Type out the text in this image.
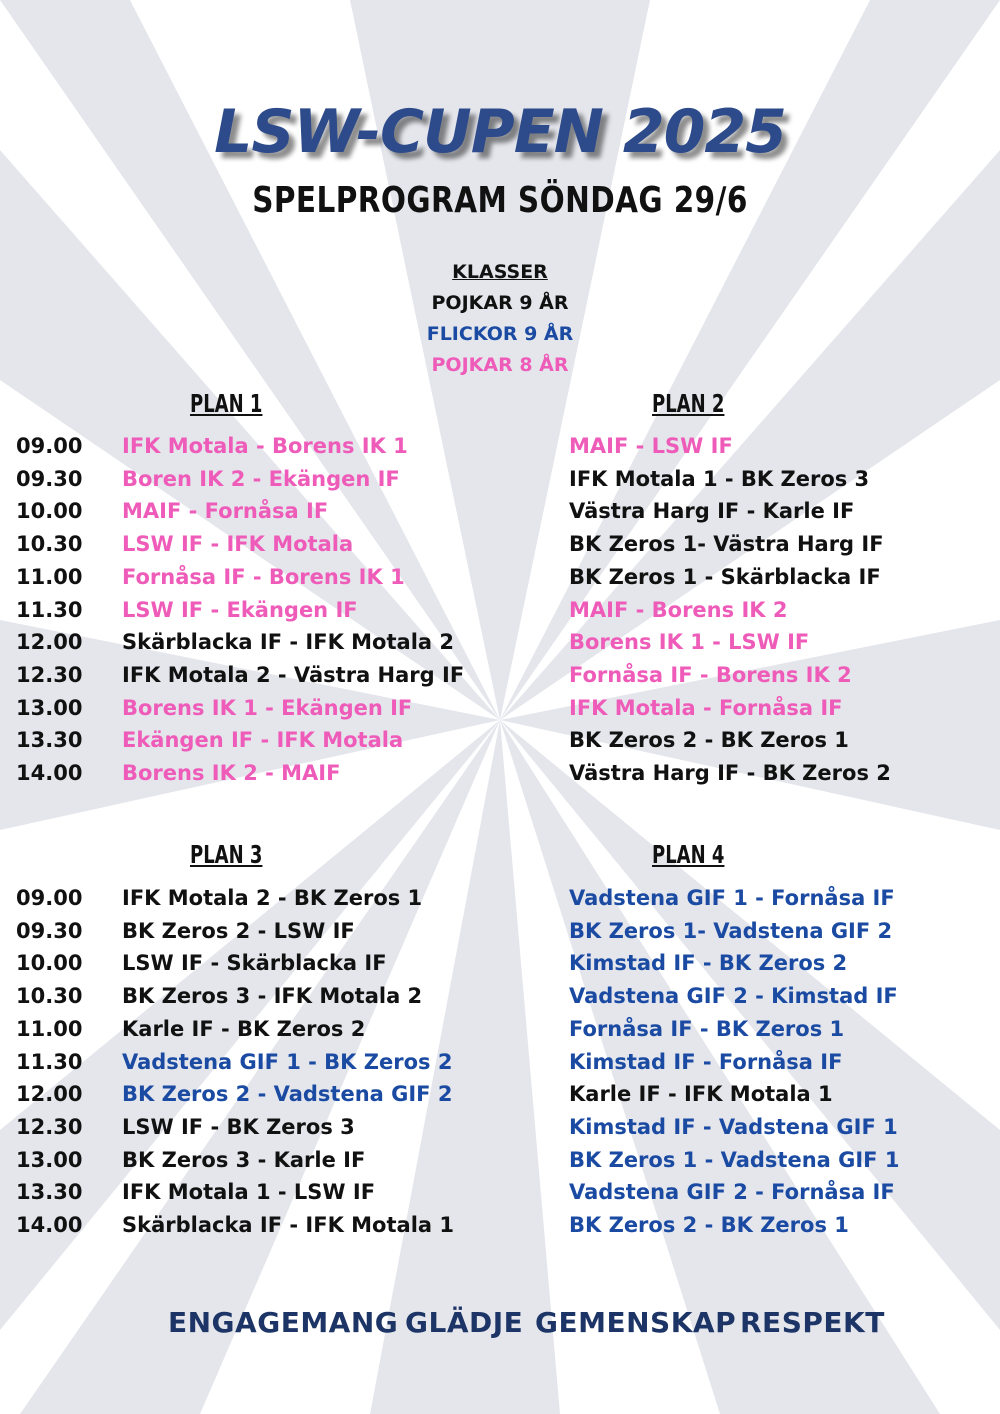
LSW-CUPEN 2025
SPELPROGRAM SÖNDAG 29/6
KLASSER
POJKAR 9 ÅR
FLICKOR 9 ÅR
POJKAR 8 ÅR
PLAN 1	PLAN 2
PLAN 3	PLAN 4
09.00	IFK Motala - Borens IK 1	MAIF - LSW IF
09.30	Boren IK 2 - Ekängen IF	IFK Motala 1 - BK Zeros 3
10.00	MAIF - Fornåsa IF	Västra Harg IF - Karle IF
10.30	LSW IF - IFK Motala	BK Zeros 1- Västra Harg IF
11.00	Fornåsa IF - Borens IK 1	BK Zeros 1 - Skärblacka IF
11.30	LSW IF - Ekängen IF	MAIF - Borens IK 2
12.00	Skärblacka IF - IFK Motala 2	Borens IK 1 - LSW IF
12.30	IFK Motala 2 - Västra Harg IF	Fornåsa IF - Borens IK 2
13.00	Borens IK 1 - Ekängen IF	IFK Motala - Fornåsa IF
13.30	Ekängen IF - IFK Motala	BK Zeros 2 - BK Zeros 1
14.00	Borens IK 2 - MAIF	Västra Harg IF - BK Zeros 2
09.00	IFK Motala 2 - BK Zeros 1	Vadstena GIF 1 - Fornåsa IF
09.30	BK Zeros 2 - LSW IF	BK Zeros 1- Vadstena GIF 2
10.00	LSW IF - Skärblacka IF	Kimstad IF - BK Zeros 2
10.30	BK Zeros 3 - IFK Motala 2	Vadstena GIF 2 - Kimstad IF
11.00	Karle IF - BK Zeros 2	Fornåsa IF - BK Zeros 1
11.30	Vadstena GIF 1 - BK Zeros 2	Kimstad IF - Fornåsa IF
12.00	BK Zeros 2 - Vadstena GIF 2	Karle IF - IFK Motala 1
12.30	LSW IF - BK Zeros 3	Kimstad IF - Vadstena GIF 1
13.00	BK Zeros 3 - Karle IF	BK Zeros 1 - Vadstena GIF 1
13.30	IFK Motala 1 - LSW IF	Vadstena GIF 2 - Fornåsa IF
14.00	Skärblacka IF - IFK Motala 1	BK Zeros 2 - BK Zeros 1
ENGAGEMANG GLÄDJE GEMENSKAP RESPEKT
